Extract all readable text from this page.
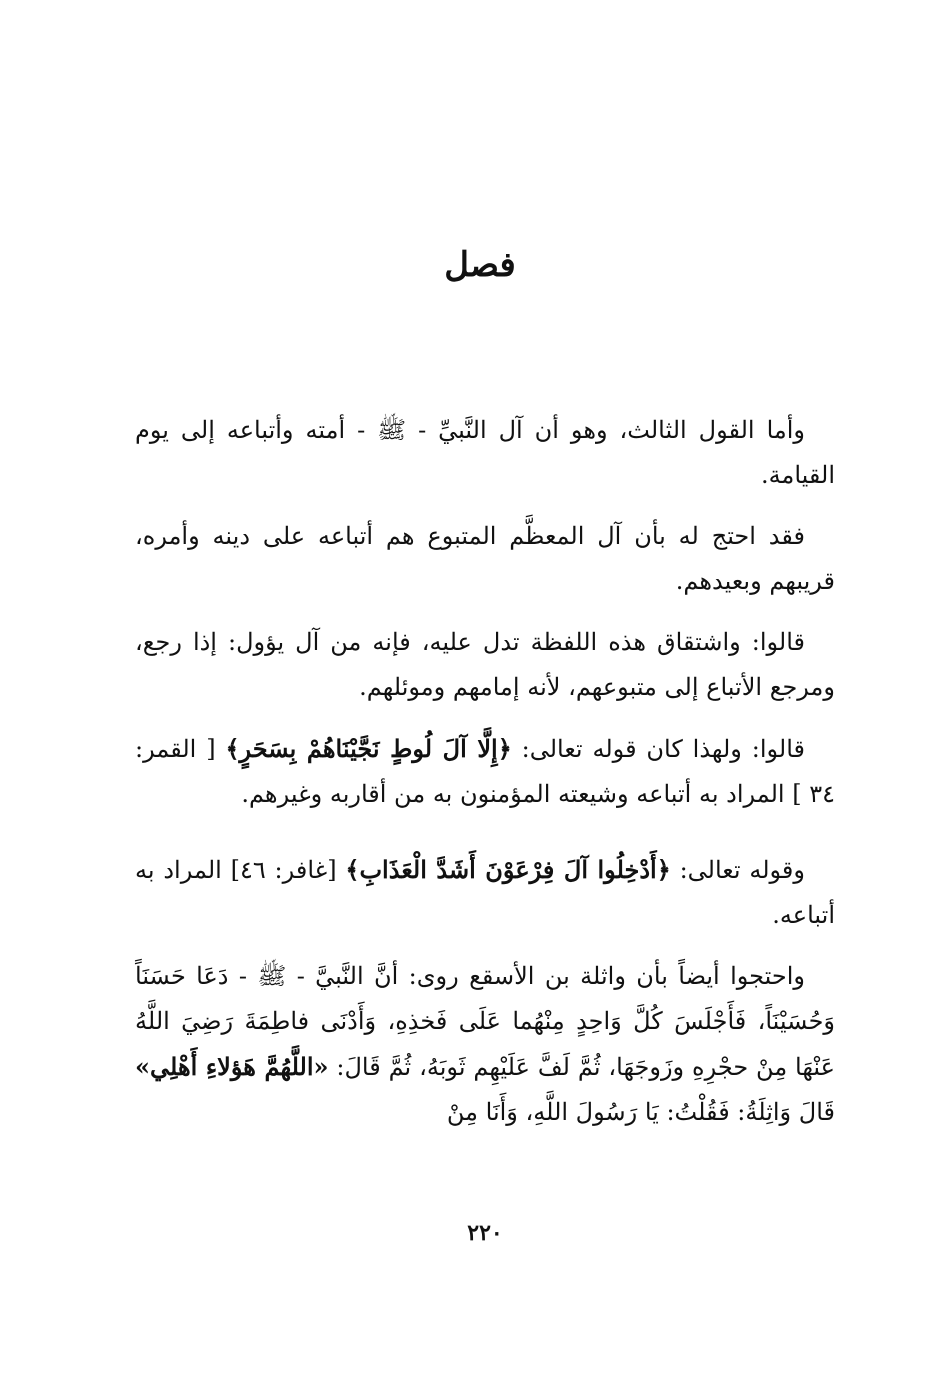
فصل

وأما القول الثالث، وهو أن آل النَّبيِّ - ﷺ - أمته وأتباعه إلى يوم القيامة.

فقد احتج له بأن آل المعظَّم المتبوع هم أتباعه على دينه وأمره، قريبهم وبعيدهم.

قالوا: واشتقاق هذه اللفظة تدل عليه، فإنه من آل يؤول: إذا رجع، ومرجع الأتباع إلى متبوعهم، لأنه إمامهم وموئلهم.

قالوا: ولهذا كان قوله تعالى: ﴿إِلَّا آلَ لُوطٍ نَجَّيْنَاهُمْ بِسَحَرٍ﴾ [ القمر: ٣٤ ] المراد به أتباعه وشيعته المؤمنون به من أقاربه وغيرهم.

وقوله تعالى: ﴿أَدْخِلُوا آلَ فِرْعَوْنَ أَشَدَّ الْعَذَابِ﴾ [غافر: ٤٦] المراد به أتباعه.

واحتجوا أيضاً بأن واثلة بن الأسقع روى: أنَّ النَّبيَّ - ﷺ - دَعَا حَسَنَاً وَحُسَيْنَاً، فَأَجْلَسَ كُلَّ وَاحِدٍ مِنْهُما عَلَى فَخذِهِ، وَأَدْنَى فاطِمَةَ رَضِيَ اللَّهُ عَنْهَا مِنْ حجْرِهِ وزَوجَهَا، ثُمَّ لَفَّ عَلَيْهِم ثَوبَهُ، ثُمَّ قَالَ: «اللَّهُمَّ هَؤلاءِ أَهْلِي» قَالَ وَاثِلَةُ: فَقُلْتُ: يَا رَسُولَ اللَّهِ، وَأَنَا مِنْ

٢٢٠
